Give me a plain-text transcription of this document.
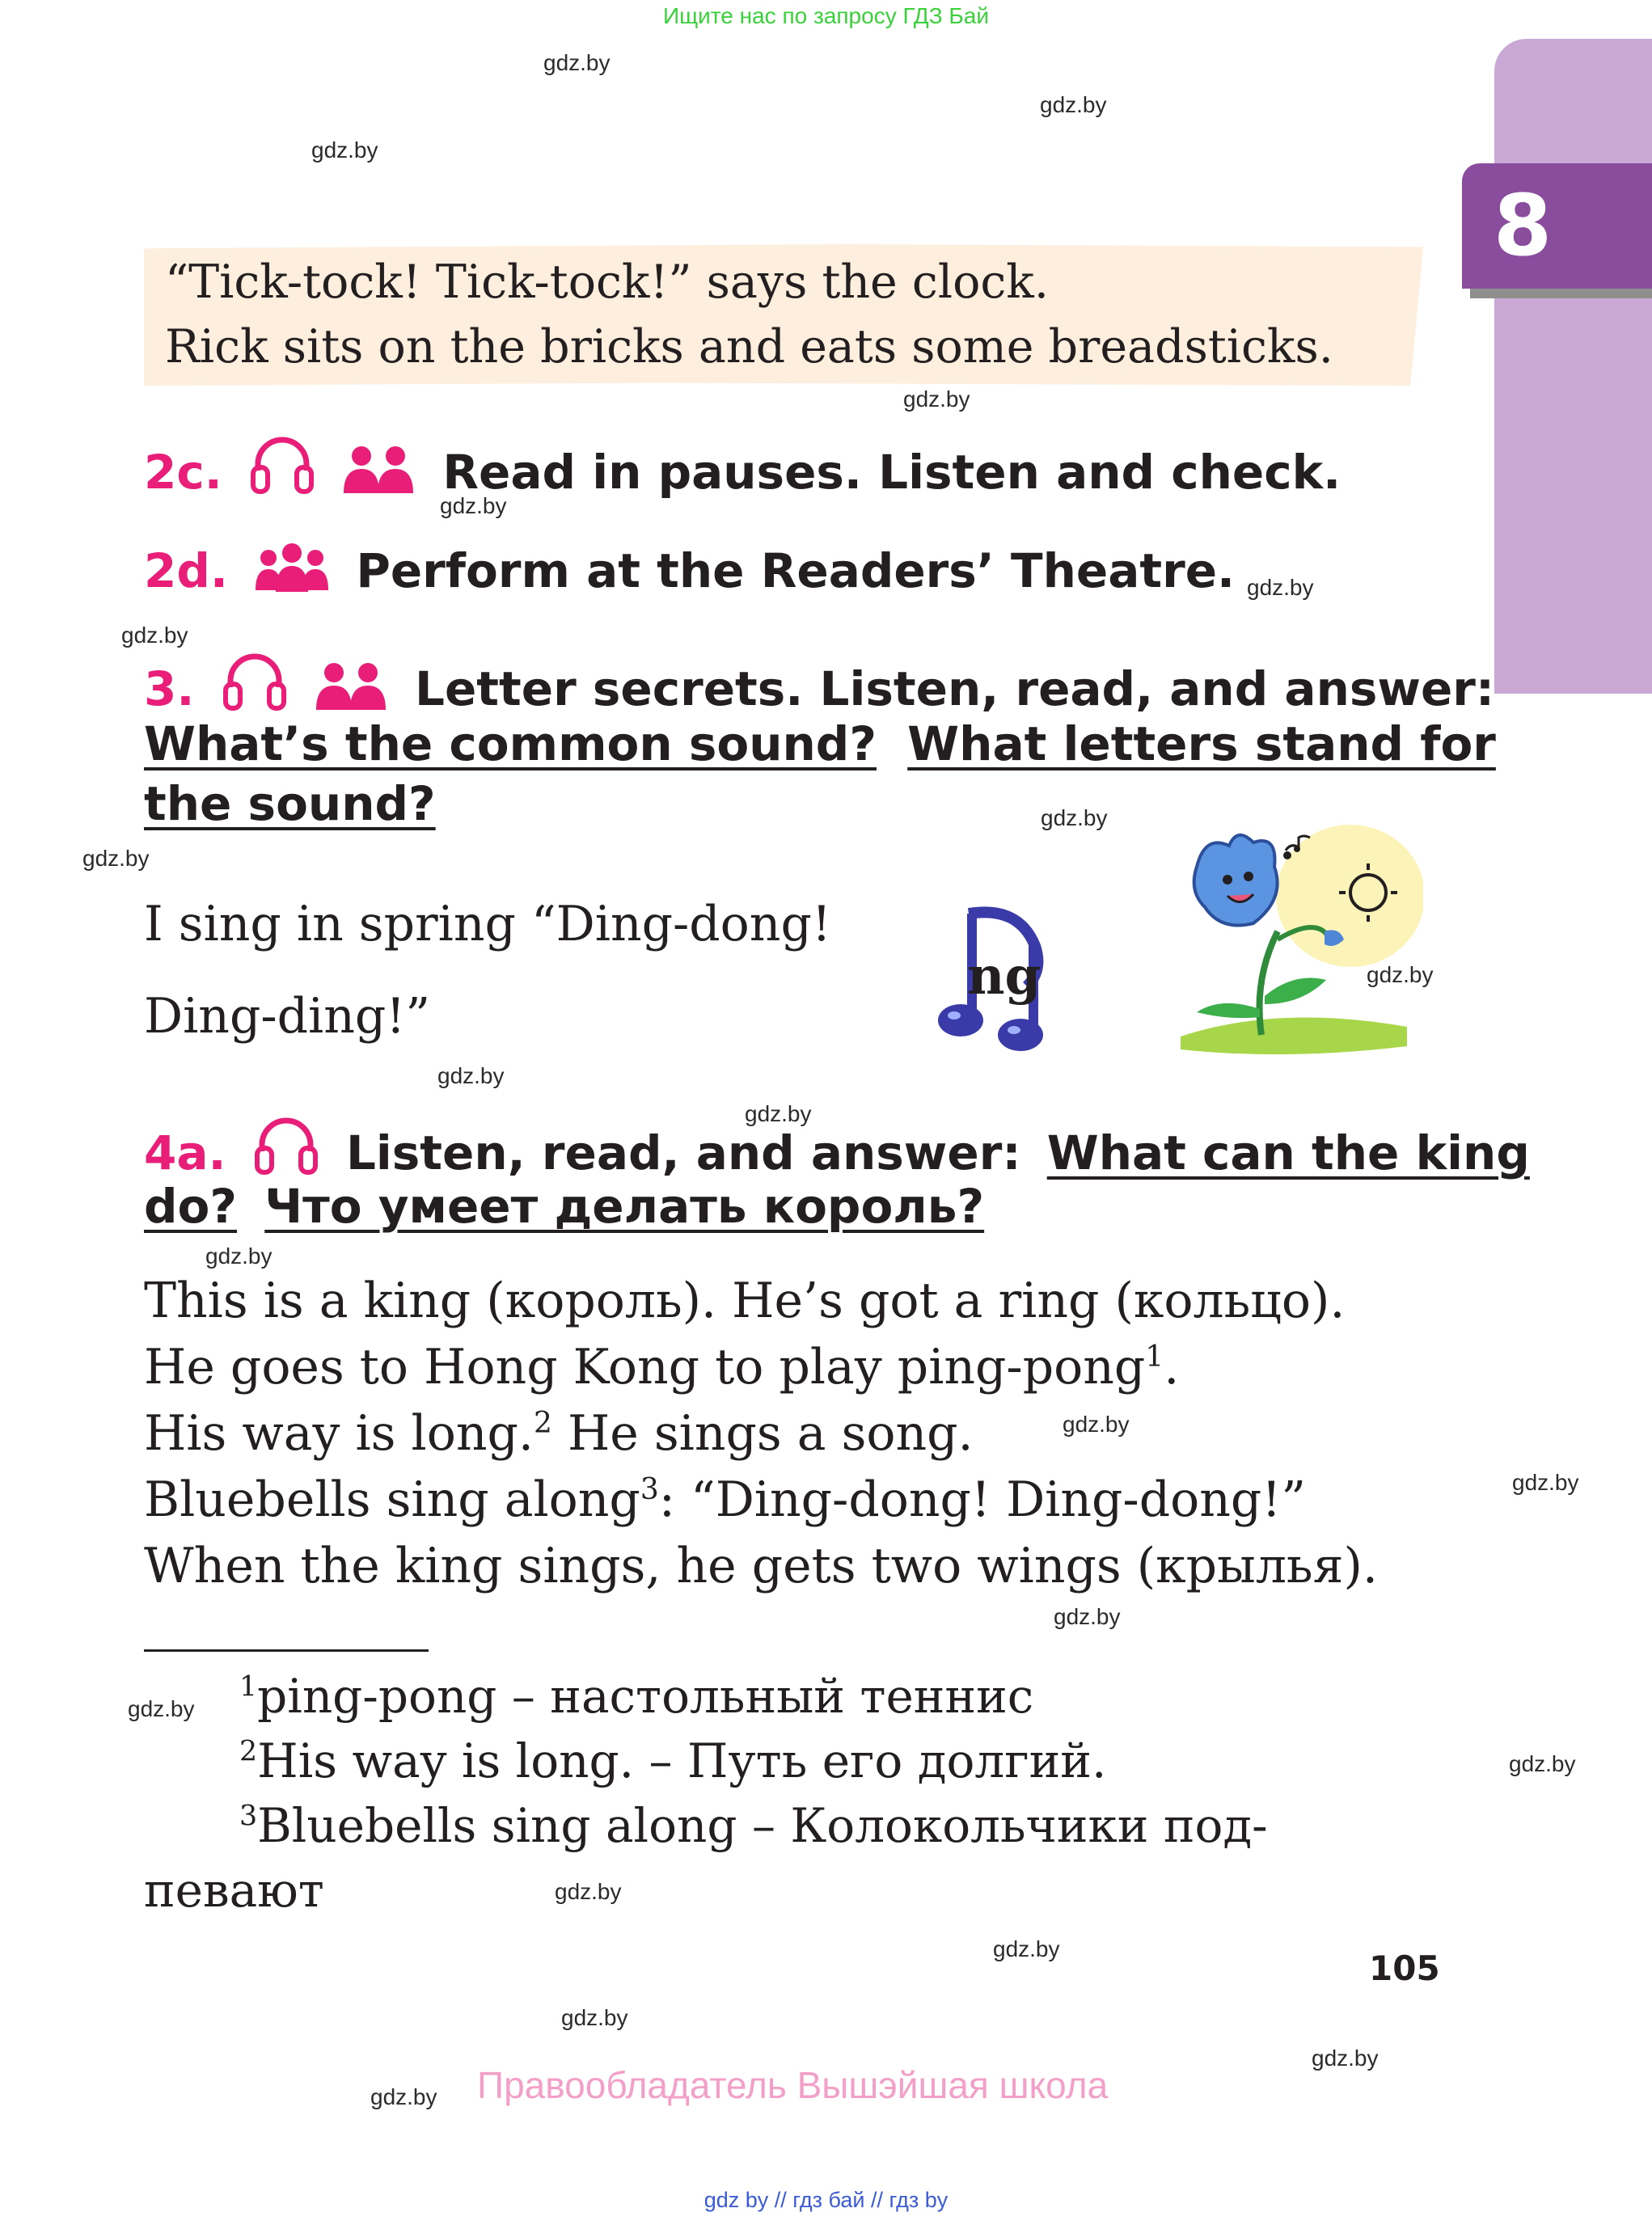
Ищите нас по запросу ГДЗ Бай
gdz.by
gdz.by
gdz.by
gdz.by
gdz.by
gdz.by
gdz.by
gdz.by
gdz.by
gdz.by
gdz.by
gdz.by
gdz.by
gdz.by
gdz.by
gdz.by
gdz.by
gdz.by
gdz.by
gdz.by
gdz.by
gdz.by
gdz.by
8
“Tick-tock! Tick-tock!” says the clock.
Rick sits on the bricks and eats some breadsticks.
2c.	Read in pauses. Listen and check.
2d.	Perform at the Readers’ Theatre.
3.	Letter secrets. Listen, read, and answer:
What’s the common sound? What letters stand for
the sound?
I sing in spring “Ding-dong!
Ding-ding!”
ng
4a.	Listen, read, and answer: What can the king
do? Что умеет делать король?
This is a king (король). He’s got a ring (кольцо).
He goes to Hong Kong to play ping-pong$^1$.
His way is long.$^2$ He sings a song.
Bluebells sing along$^3$: “Ding-dong! Ding-dong!”
When the king sings, he gets two wings (крылья).
$^1$ping-pong – настольный теннис
$^2$His way is long. – Путь его долгий.
$^3$Bluebells sing along – Колокольчики под-
певают
105
Правообладатель Вышэйшая школа
gdz by // гдз бай // гдз by
